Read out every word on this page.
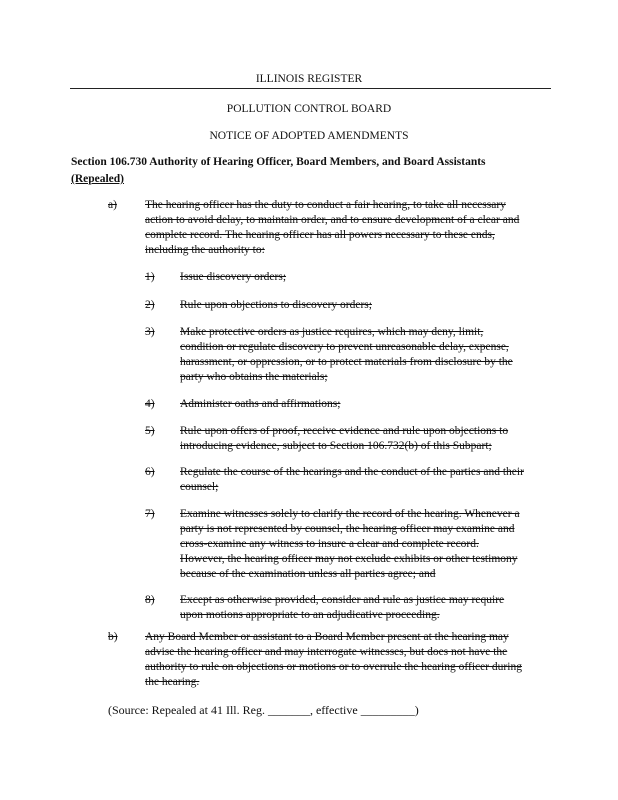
ILLINOIS REGISTER
POLLUTION CONTROL BOARD
NOTICE OF ADOPTED AMENDMENTS
Section 106.730 Authority of Hearing Officer, Board Members, and Board Assistants
(Repealed)
a) The hearing officer has the duty to conduct a fair hearing, to take all necessary
action to avoid delay, to maintain order, and to ensure development of a clear and
complete record. The hearing officer has all powers necessary to these ends,
including the authority to:
1) Issue discovery orders;
2) Rule upon objections to discovery orders;
3) Make protective orders as justice requires, which may deny, limit,
condition or regulate discovery to prevent unreasonable delay, expense,
harassment, or oppression, or to protect materials from disclosure by the
party who obtains the materials;
4) Administer oaths and affirmations;
5) Rule upon offers of proof, receive evidence and rule upon objections to
introducing evidence, subject to Section 106.732(b) of this Subpart;
6) Regulate the course of the hearings and the conduct of the parties and their
counsel;
7) Examine witnesses solely to clarify the record of the hearing. Whenever a
party is not represented by counsel, the hearing officer may examine and
cross-examine any witness to insure a clear and complete record.
However, the hearing officer may not exclude exhibits or other testimony
because of the examination unless all parties agree; and
8) Except as otherwise provided, consider and rule as justice may require
upon motions appropriate to an adjudicative proceeding.
b) Any Board Member or assistant to a Board Member present at the hearing may
advise the hearing officer and may interrogate witnesses, but does not have the
authority to rule on objections or motions or to overrule the hearing officer during
the hearing.
(Source: Repealed at 41 Ill. Reg. _______, effective _________)
